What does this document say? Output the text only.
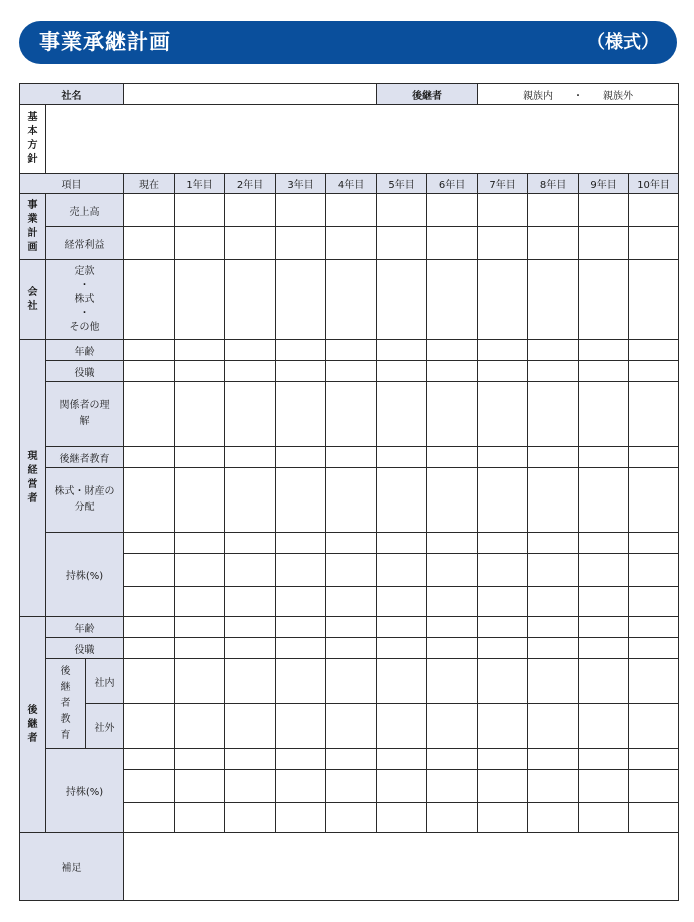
事業承継計画	（様式）
社名								後継者		親族内　　・　　親族外			

基本方針													

項目			現在	1年目	2年目	3年目	4年目	5年目	6年目	7年目	8年目	9年目	10年目

事業計画	売上高												
	経常利益												

会社	定款
・
株式
・
その他												

現経営者	年齢												
	役職												

	関係者の理解												

	後継者教育												

	株式・財産の分配												

	持株(%)												

後継者	年齢												
	役職												

	後継者教育	社内											
		社外											
	持株(%)												

補足													
